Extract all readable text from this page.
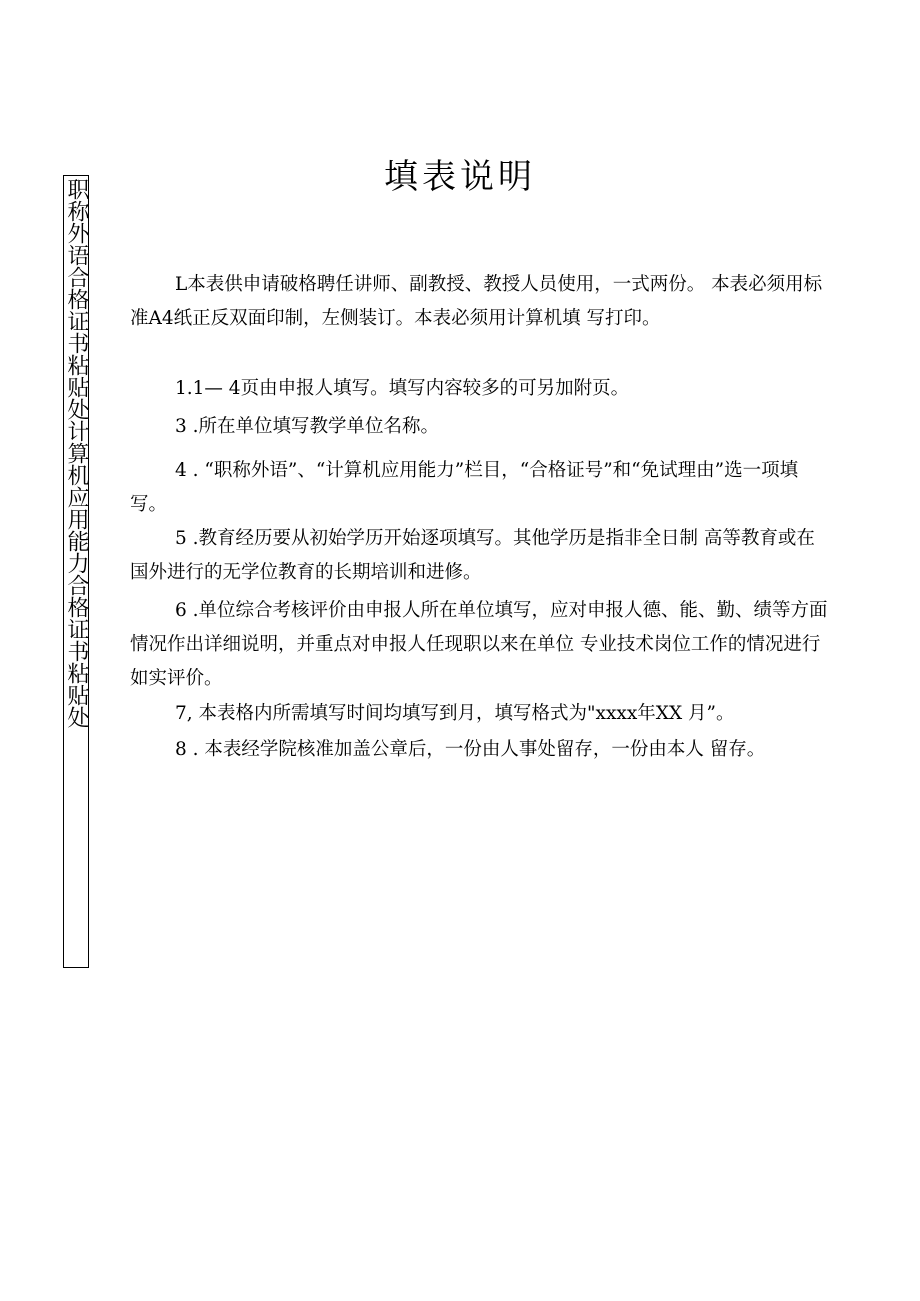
职称外语合格证书粘贴处计算机应用能力合格证书粘贴处
填表说明

L本表供申请破格聘任讲师、副教授、教授人员使用，一式两份。 本表必须用标准A4纸正反双面印制，左侧装订。本表必须用计算机填 写打印。

1.1— 4页由申报人填写。填写内容较多的可另加附页。

3 .所在单位填写教学单位名称。

4 . “职称外语”、“计算机应用能力”栏目，“合格证号”和“免试理由”选一项填写。

5 .教育经历要从初始学历开始逐项填写。其他学历是指非全日制 高等教育或在国外进行的无学位教育的长期培训和进修。

6 .单位综合考核评价由申报人所在单位填写，应对申报人德、能、勤、绩等方面情况作出详细说明，并重点对申报人任现职以来在单位 专业技术岗位工作的情况进行如实评价。

7, 本表格内所需填写时间均填写到月，填写格式为"xxxx年XX 月”。

8 . 本表经学院核准加盖公章后，一份由人事处留存，一份由本人 留存。
